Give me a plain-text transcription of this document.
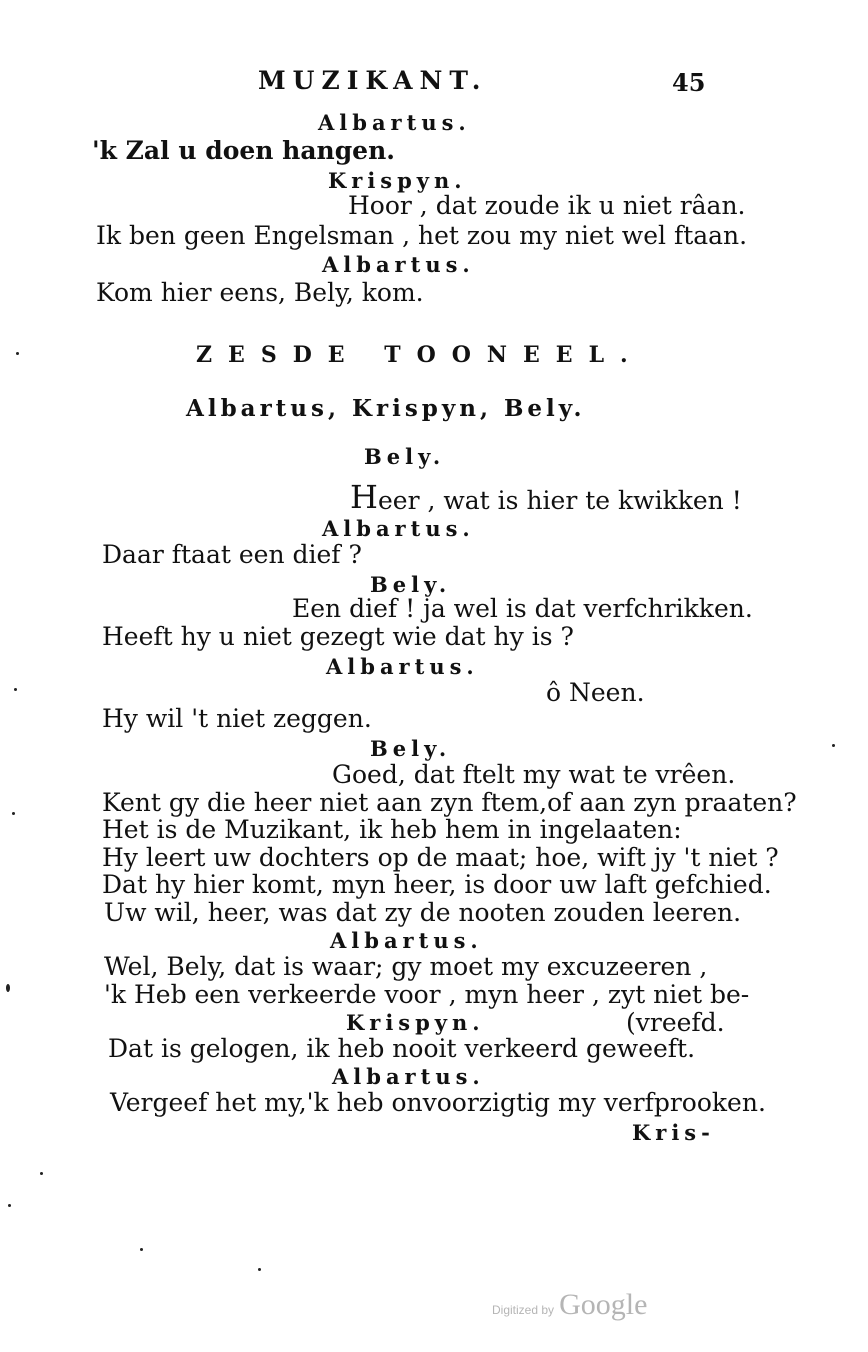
MUZIKANT.	45
Albartus.
'k Zal u doen hangen.
Krispyn.
Hoor , dat zoude ik u niet râan.
Ik ben geen Engelsman , het zou my niet wel ftaan.
Albartus.
Kom hier eens, Bely, kom.
ZESDE TOONEEL.
Albartus, Krispyn, Bely.
Bely.
H eer , wat is hier te kwikken !
Albartus.
Daar ftaat een dief ?
Bely.
Een dief ! ja wel is dat verfchrikken.
Heeft hy u niet gezegt wie dat hy is ?
Albartus.
ô Neen.
Hy wil 't niet zeggen.
Bely.
Goed, dat ftelt my wat te vrêen.
Kent gy die heer niet aan zyn ftem,of aan zyn praaten?
Het is de Muzikant, ik heb hem in ingelaaten:
Hy leert uw dochters op de maat; hoe, wift jy 't niet ?
Dat hy hier komt, myn heer, is door uw laft gefchied.
Uw wil, heer, was dat zy de nooten zouden leeren.
Albartus.
Wel, Bely, dat is waar; gy moet my excuzeeren ,
'k Heb een verkeerde voor , myn heer , zyt niet be-
Krispyn.	(vreefd.
Dat is gelogen, ik heb nooit verkeerd geweeft.
Albartus.
Vergeef het my,'k heb onvoorzigtig my verfprooken.
Kris-
Digitized by Google
